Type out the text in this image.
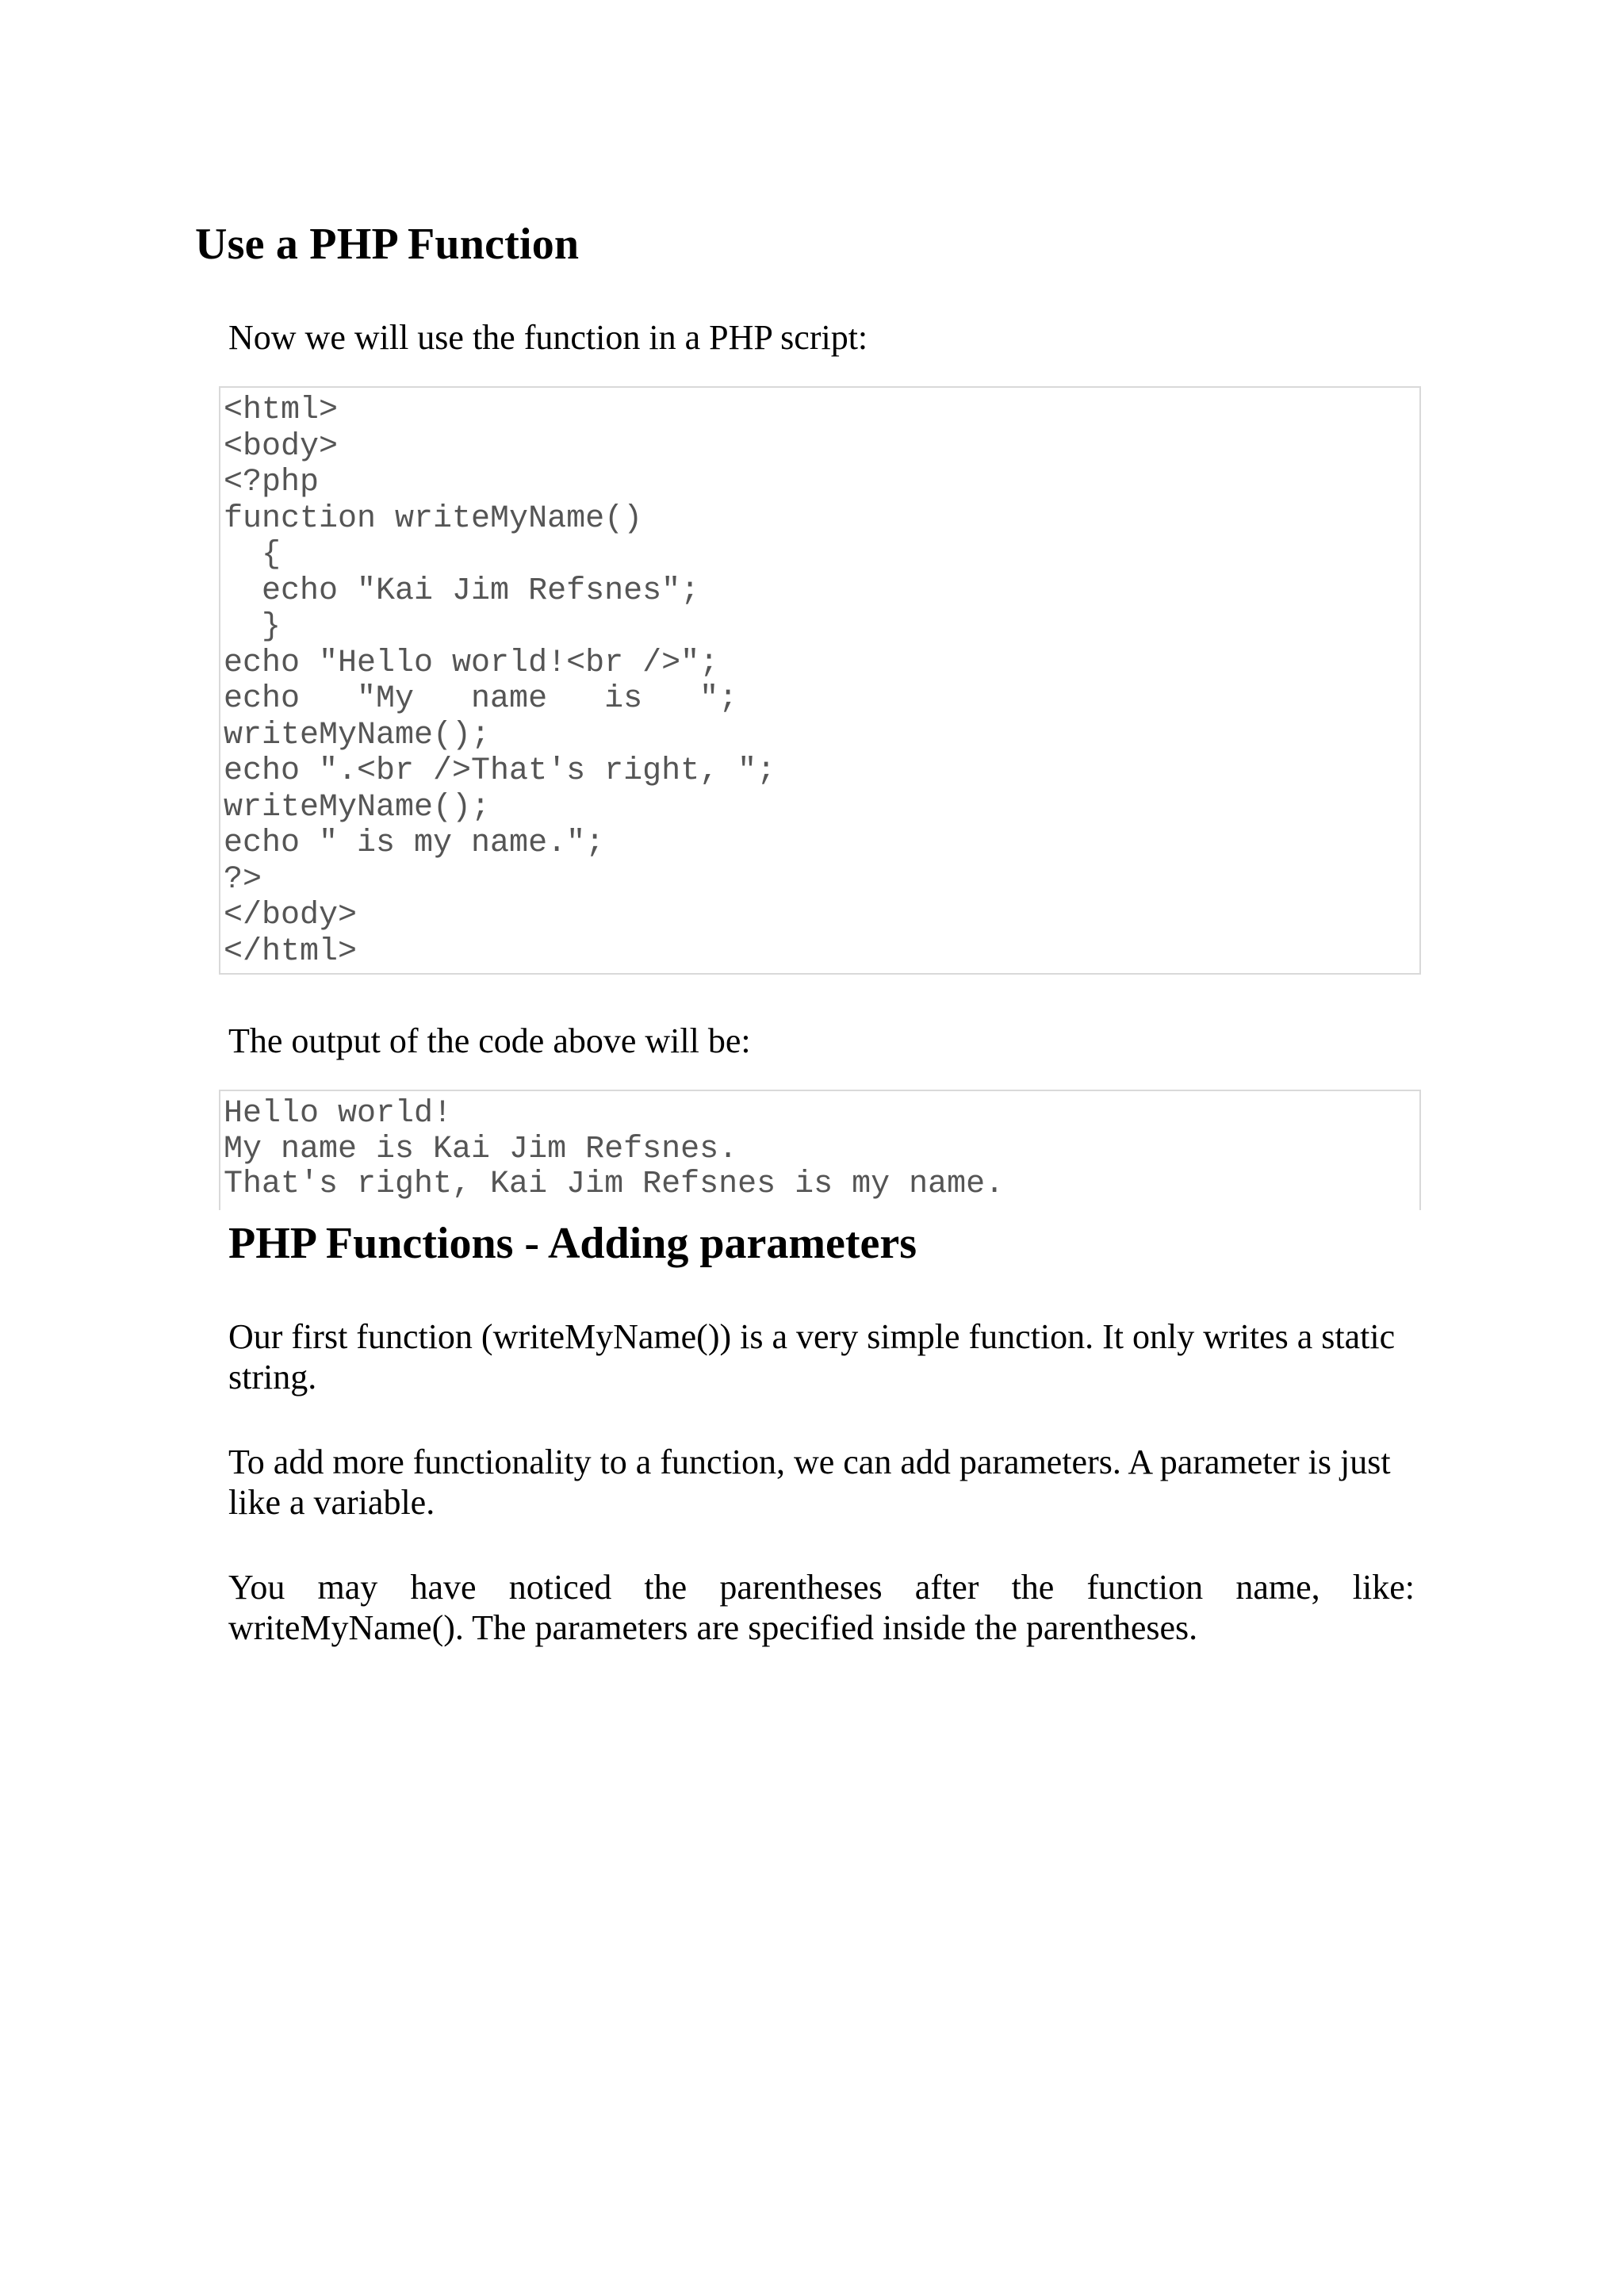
Use a PHP Function

Now we will use the function in a PHP script:

<html>
<body>
<?php
function writeMyName()
{
echo "Kai Jim Refsnes";
}
echo "Hello world!<br />";
echo   "My   name   is   ";
writeMyName();
echo ".<br />That's right, ";
writeMyName();
echo " is my name.";
?>
</body>
</html>

The output of the code above will be:

Hello world!
My name is Kai Jim Refsnes.
That's right, Kai Jim Refsnes is my name.
PHP Functions - Adding parameters

Our first function (writeMyName()) is a very simple function. It only writes a static string.

To add more functionality to a function, we can add parameters. A parameter is just like a variable.

You may have noticed the parentheses after the function name, like: writeMyName(). The parameters are specified inside the parentheses.
